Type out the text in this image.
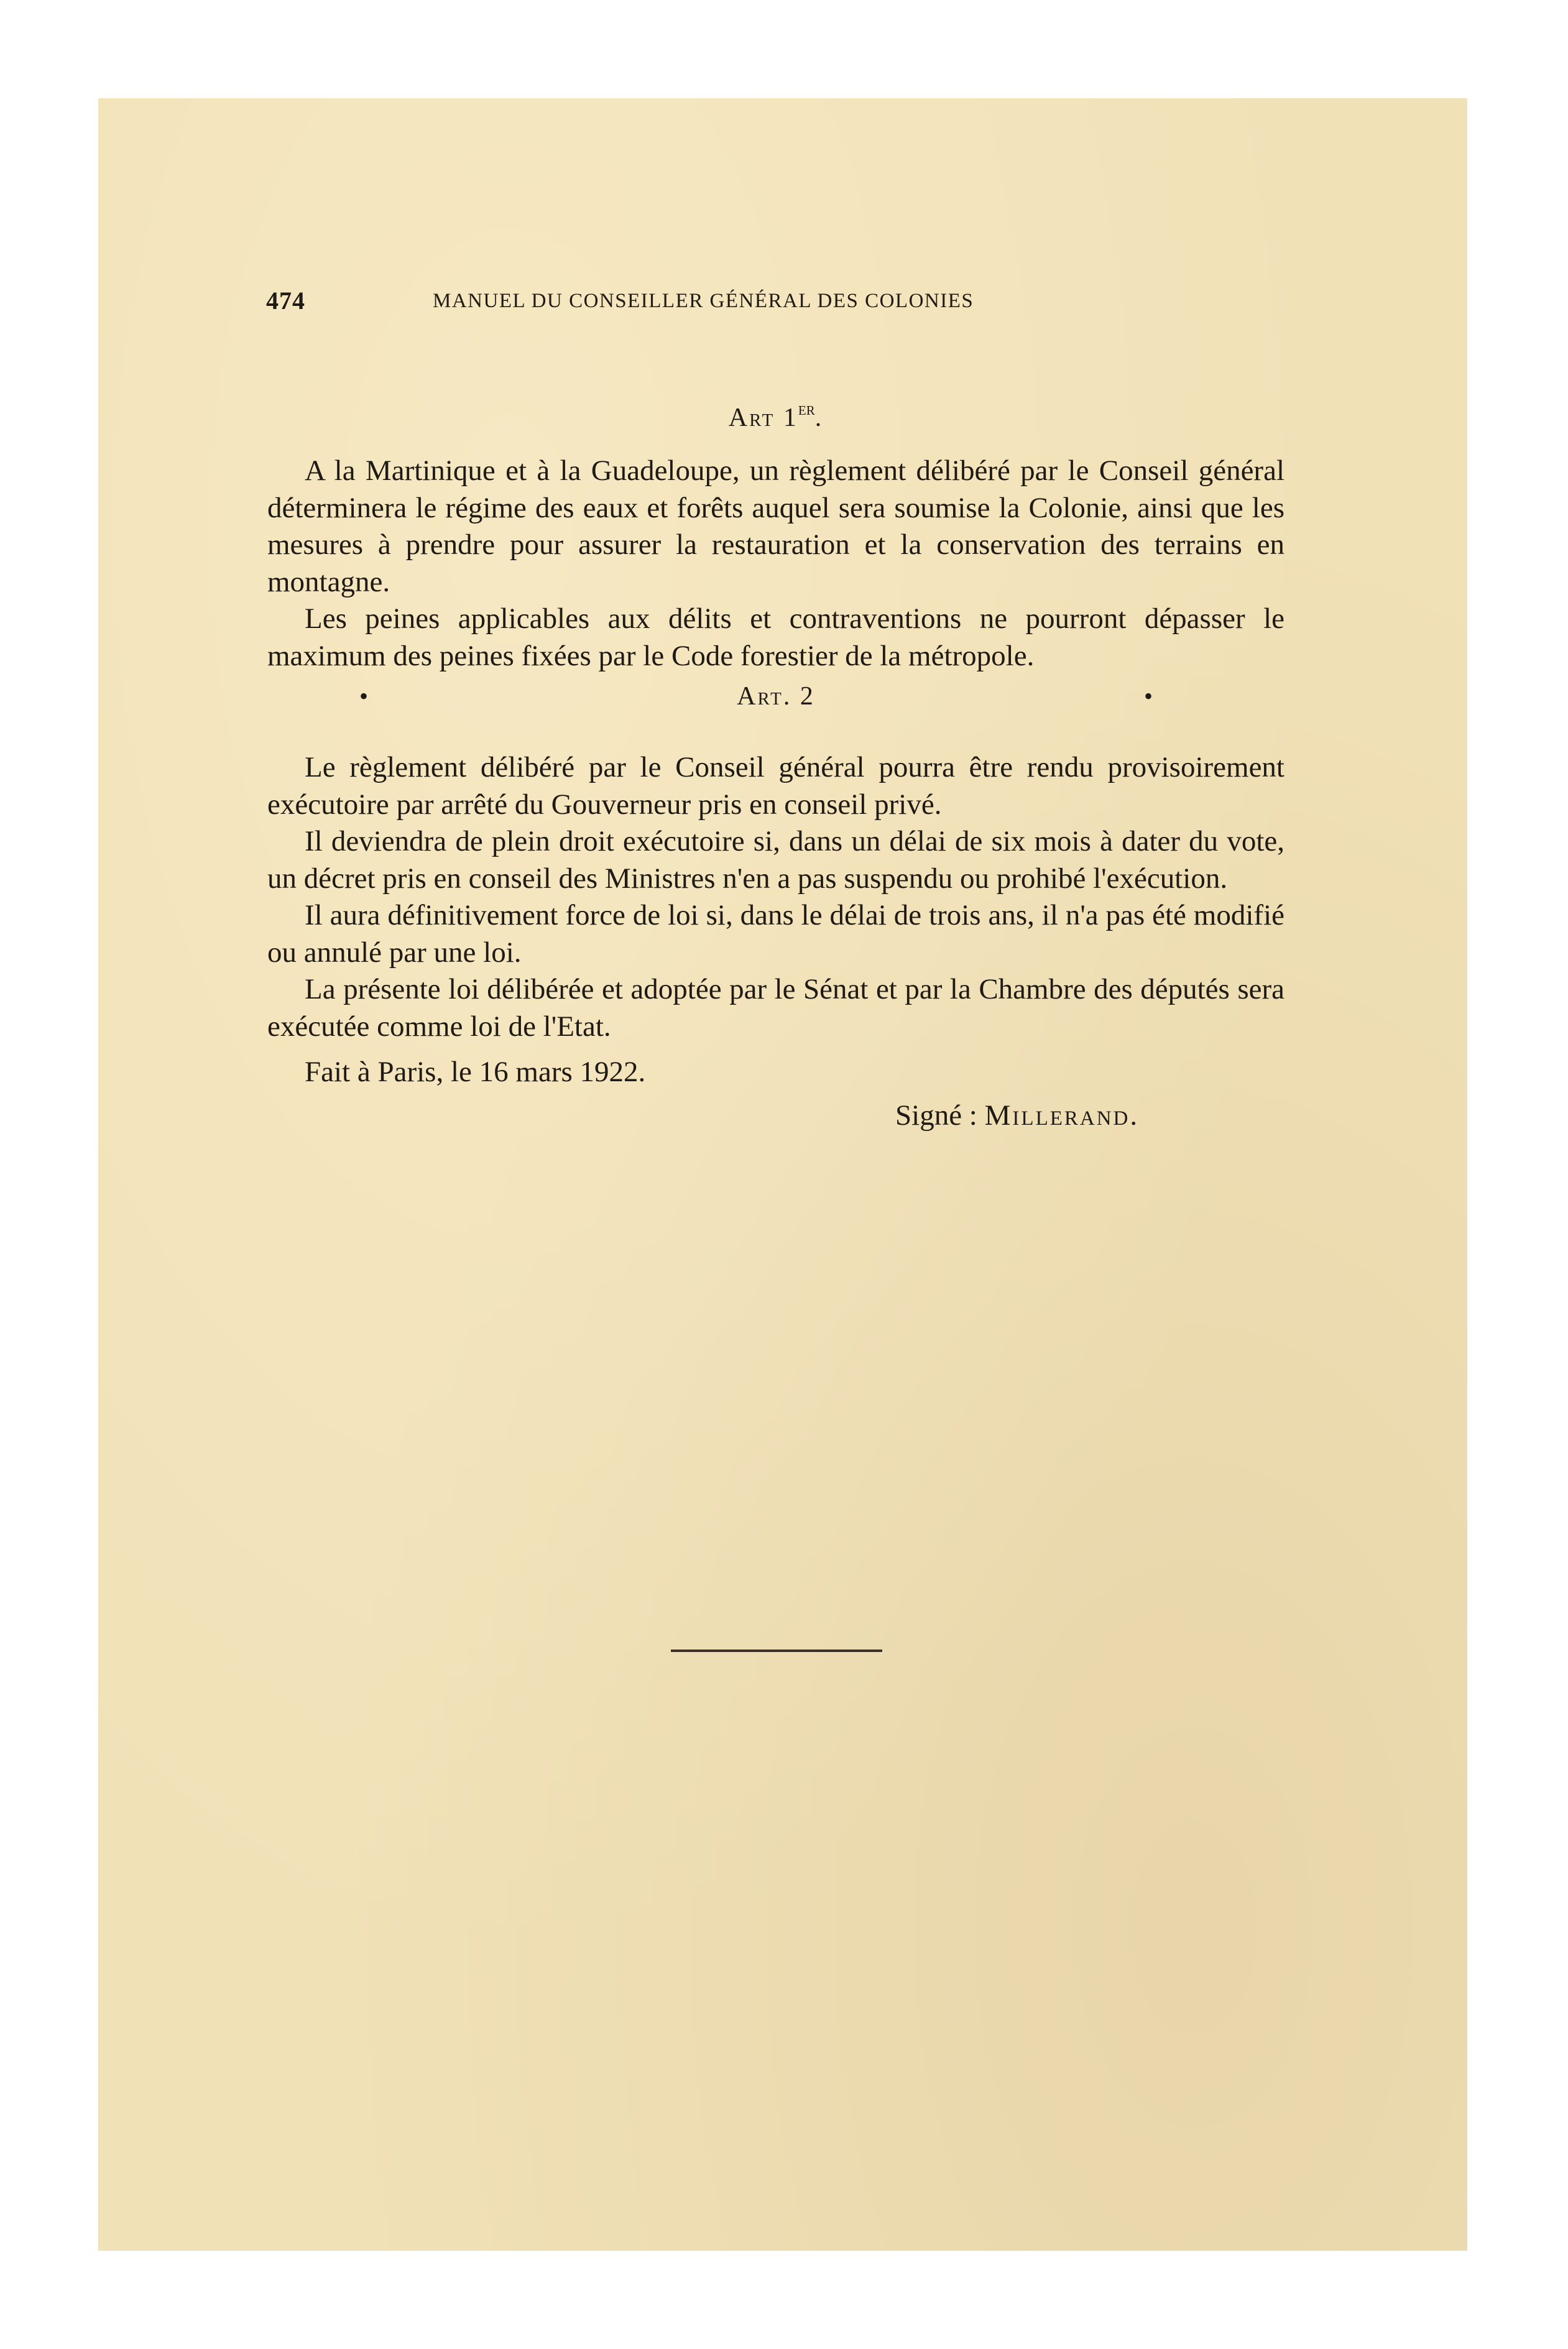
474	MANUEL DU CONSEILLER GÉNÉRAL DES COLONIES
Art 1er.

A la Martinique et à la Guadeloupe, un règlement délibéré par le Conseil général déterminera le régime des eaux et forêts auquel sera soumise la Colonie, ainsi que les mesures à prendre pour assurer la restauration et la conservation des terrains en montagne.

Les peines applicables aux délits et contraventions ne pourront dépasser le maximum des peines fixées par le Code forestier de la métropole.

•	Art. 2	•

Le règlement délibéré par le Conseil général pourra être rendu provisoirement exécutoire par arrêté du Gouverneur pris en conseil privé.

Il deviendra de plein droit exécutoire si, dans un délai de six mois à dater du vote, un décret pris en conseil des Ministres n'en a pas suspendu ou prohibé l'exécution.

Il aura définitivement force de loi si, dans le délai de trois ans, il n'a pas été modifié ou annulé par une loi.

La présente loi délibérée et adoptée par le Sénat et par la Chambre des députés sera exécutée comme loi de l'Etat.

Fait à Paris, le 16 mars 1922.
Signé : Millerand.
